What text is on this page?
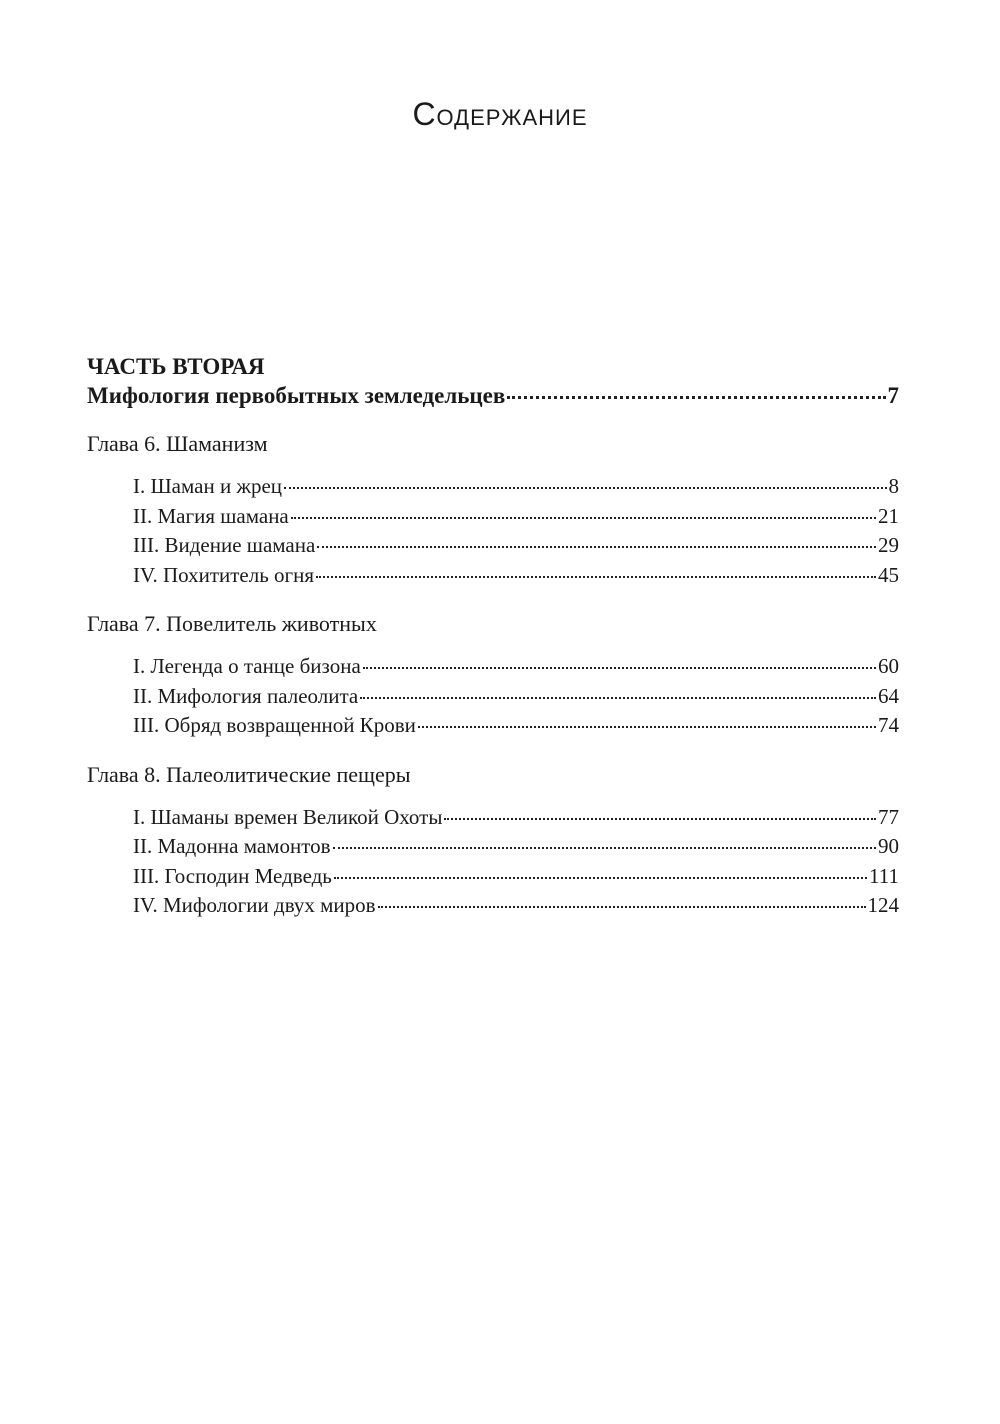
Содержание
ЧАСТЬ ВТОРАЯ
Мифология первобытных земледельцев	7
Глава 6. Шаманизм
I. Шаман и жрец	8
II. Магия шамана	21
III. Видение шамана	29
IV. Похититель огня	45
Глава 7. Повелитель животных
I. Легенда о танце бизона	60
II. Мифология палеолита	64
III. Обряд возвращенной Крови	74
Глава 8. Палеолитические пещеры
I. Шаманы времен Великой Охоты	77
II. Мадонна мамонтов	90
III. Господин Медведь	111
IV. Мифологии двух миров	124
